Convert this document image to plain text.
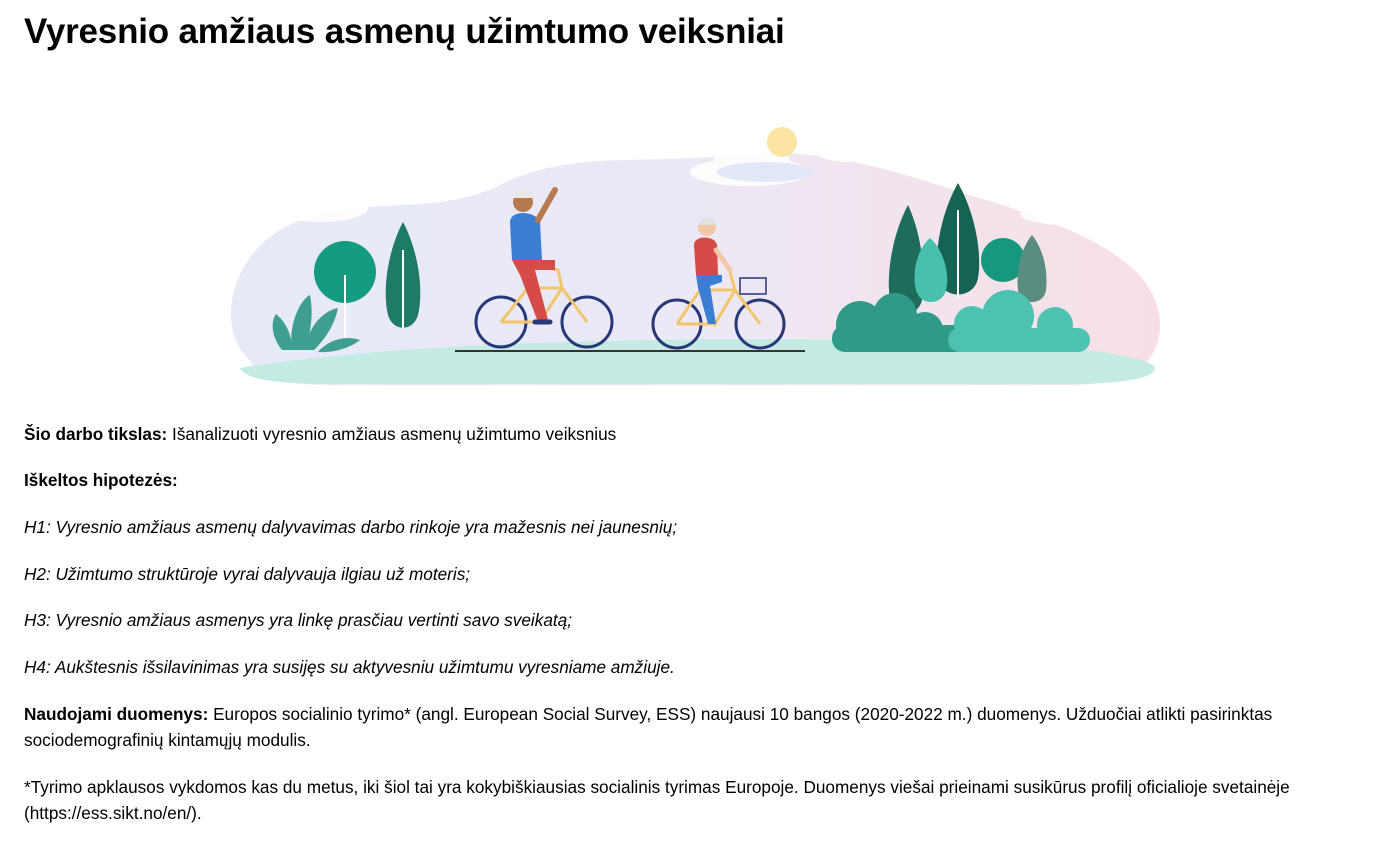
Vyresnio amžiaus asmenų užimtumo veiksniai

Šio darbo tikslas: Išanalizuoti vyresnio amžiaus asmenų užimtumo veiksnius

Iškeltos hipotezės:

H1: Vyresnio amžiaus asmenų dalyvavimas darbo rinkoje yra mažesnis nei jaunesnių;

H2: Užimtumo struktūroje vyrai dalyvauja ilgiau už moteris;

H3: Vyresnio amžiaus asmenys yra linkę prasčiau vertinti savo sveikatą;

H4: Aukštesnis išsilavinimas yra susijęs su aktyvesniu užimtumu vyresniame amžiuje.

Naudojami duomenys: Europos socialinio tyrimo* (angl. European Social Survey, ESS) naujausi 10 bangos (2020-2022 m.) duomenys. Užduočiai atlikti pasirinktas sociodemografinių kintamųjų modulis.

*Tyrimo apklausos vykdomos kas du metus, iki šiol tai yra kokybiškiausias socialinis tyrimas Europoje. Duomenys viešai prieinami susikūrus profilį oficialioje svetainėje (https://ess.sikt.no/en/).
